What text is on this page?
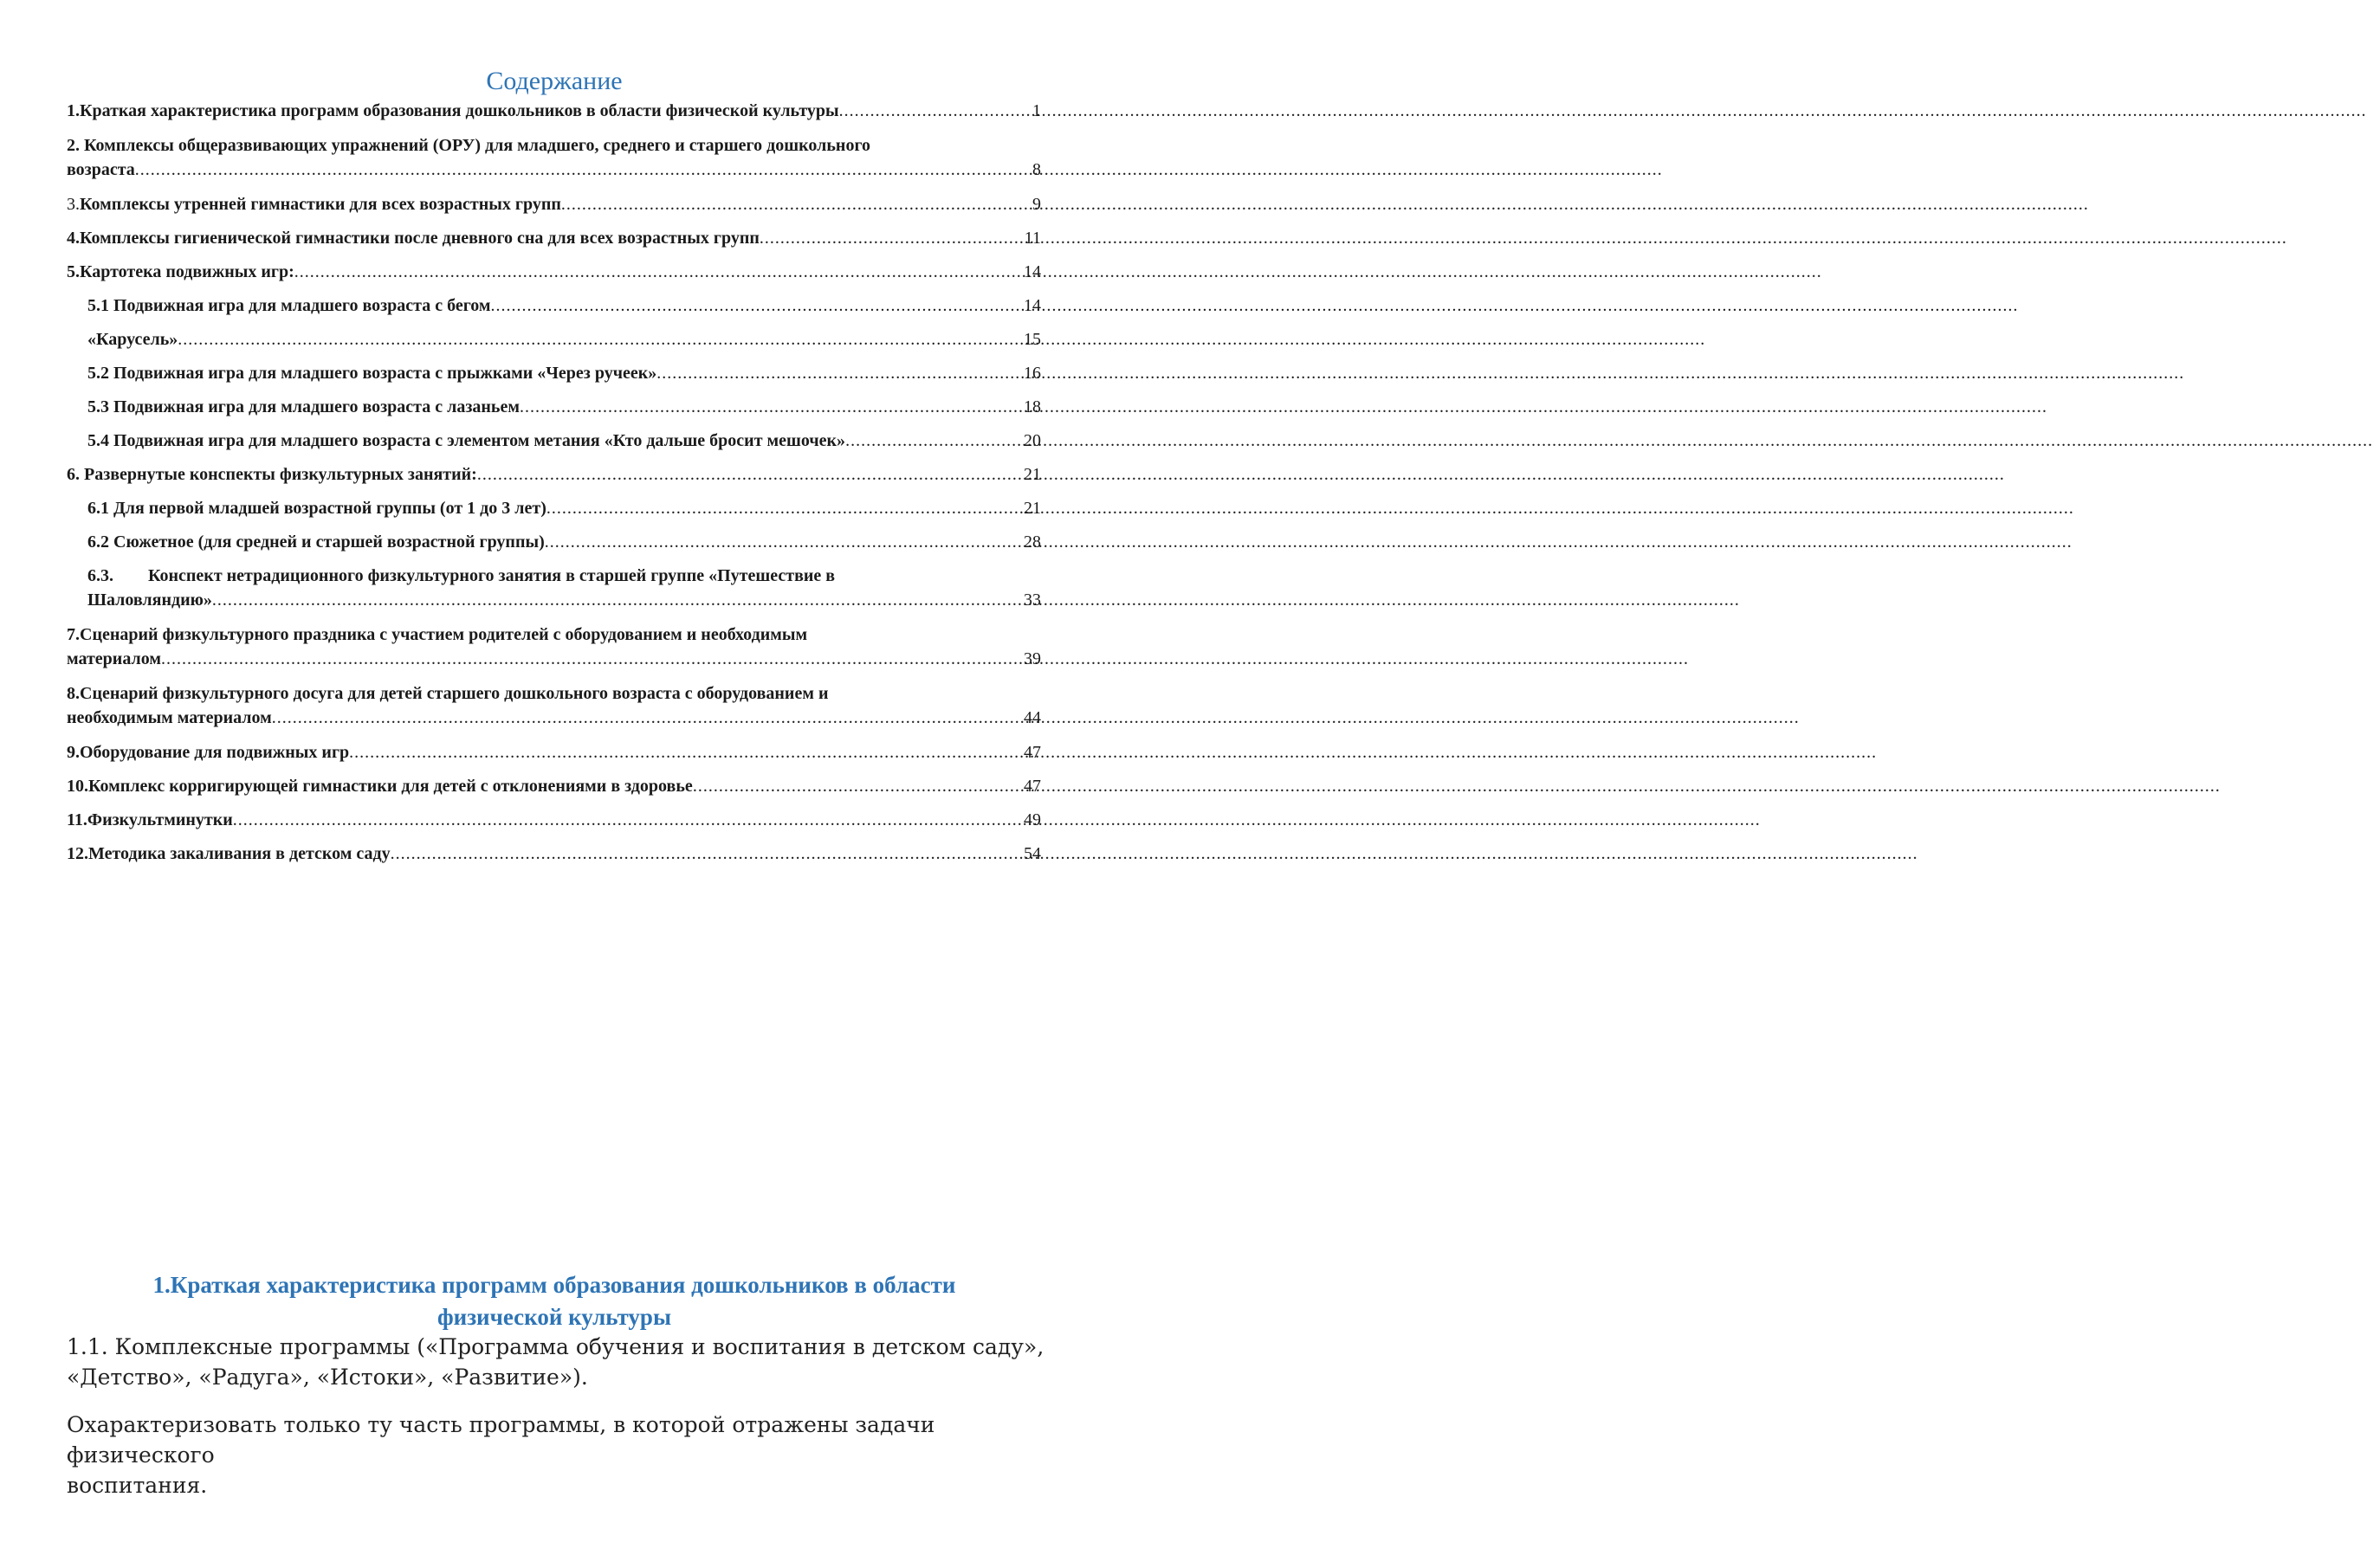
Содержание
1.Краткая характеристика программ образования дошкольников в области физической культуры .....	1
2. Комплексы общеразвивающих упражнений (ОРУ) для младшего, среднего и старшего дошкольного
возраста .....	8
3. Комплексы утренней гимнастики для всех возрастных групп .....	9
4. Комплексы гигиенической гимнастики после дневного сна для всех возрастных групп .....	11
5.Картотека подвижных игр: .....	14
5.1 Подвижная игра для младшего возраста с бегом .....	14
«Карусель» .....	15
5.2 Подвижная игра для младшего возраста с прыжками «Через ручеек» .....	16
5.3 Подвижная игра для младшего возраста с лазаньем .....	18
5.4 Подвижная игра для младшего возраста с элементом метания «Кто дальше бросит мешочек» .....	20
6. Развернутые конспекты физкультурных занятий: .....	21
6.1 Для первой младшей возрастной группы (от 1 до 3 лет) .....	21
6.2 Сюжетное (для средней и старшей возрастной группы) .....	28
6.3. Конспект нетрадиционного физкультурного занятия в старшей группе «Путешествие в
Шаловляндию» .....	33
7.Сценарий физкультурного праздника с участием родителей с оборудованием и необходимым
материалом .....	39
8.Сценарий физкультурного досуга для детей старшего дошкольного возраста с оборудованием и
необходимым материалом .....	44
9.Оборудование для подвижных игр .....	47
10.Комплекс корригирующей гимнастики для детей с отклонениями в здоровье .....	47
11.Физкультминутки .....	49
12.Методика закаливания в детском саду .....	54
1.Краткая характеристика программ образования дошкольников в области
физической культуры
1.1. Комплексные программы («Программа обучения и воспитания в детском саду»,
«Детство», «Радуга», «Истоки», «Развитие»).
Охарактеризовать только ту часть программы, в которой отражены задачи физического
воспитания.
